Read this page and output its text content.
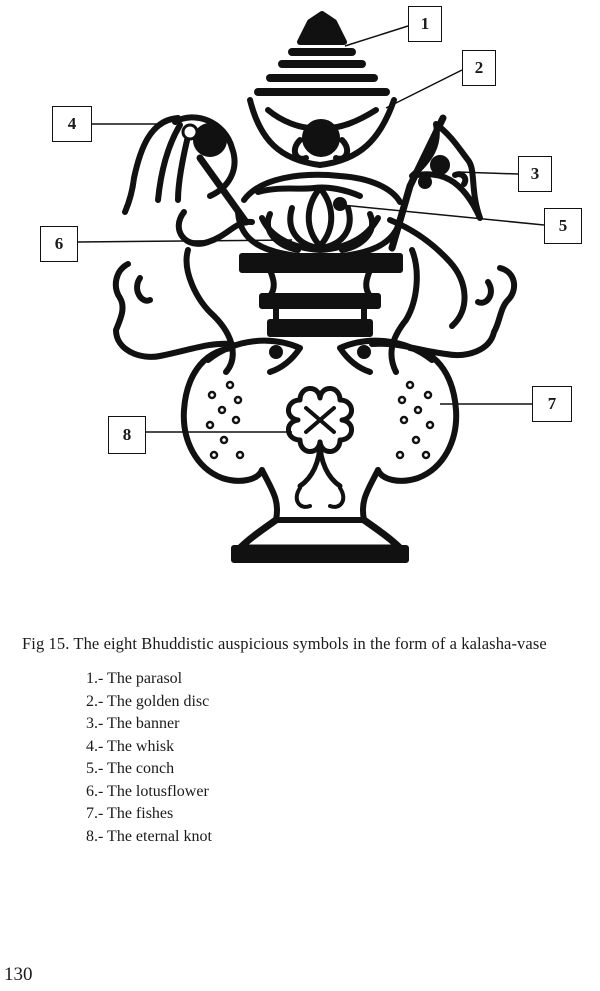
1
2
3
4
5
6
7
8
Fig 15. The eight Bhuddistic auspicious symbols in the form of a kalasha-vase
1.- The parasol
2.- The golden disc
3.- The banner
4.- The whisk
5.- The conch
6.- The lotusflower
7.- The fishes
8.- The eternal knot
130
